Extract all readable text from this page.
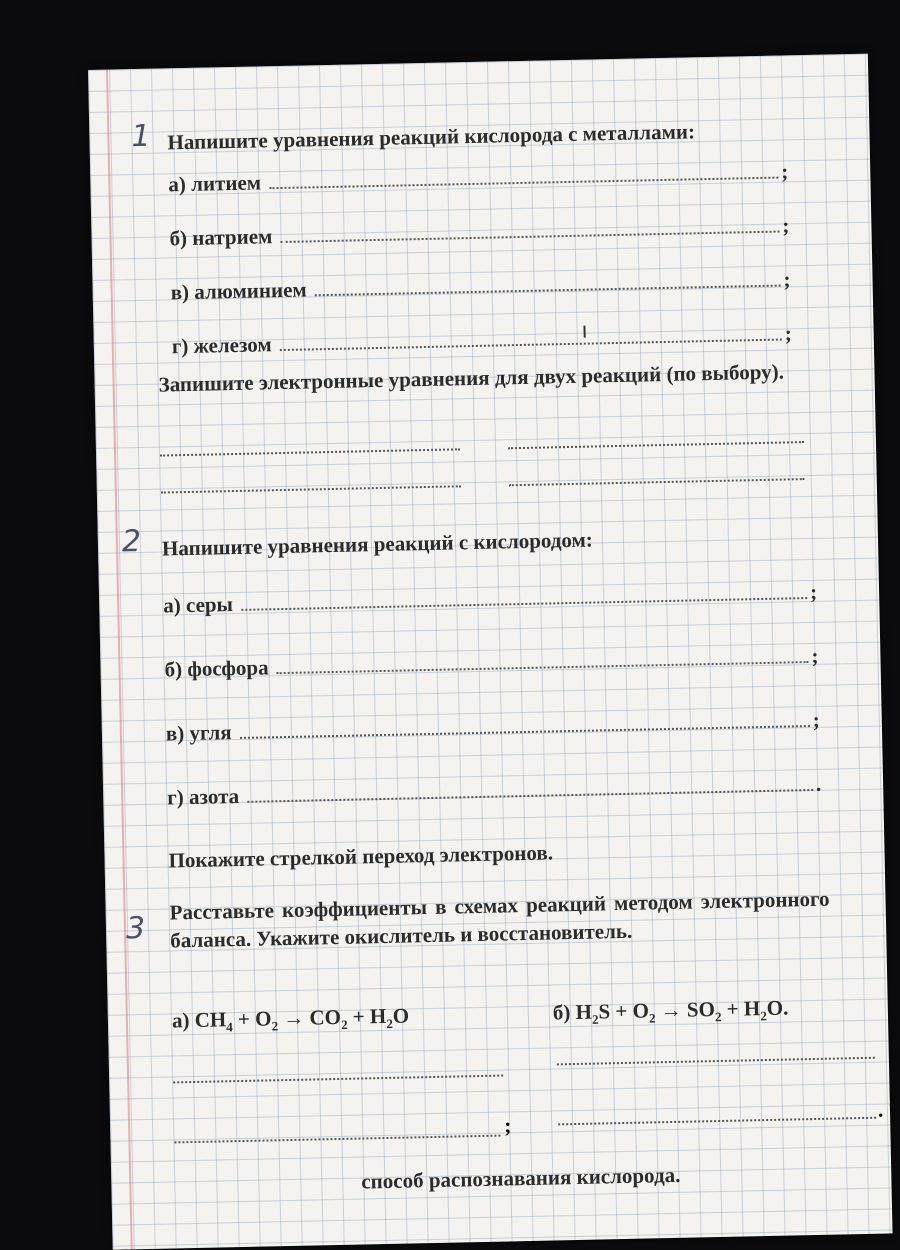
1 Напишите уравнения реакций кислорода с металлами:
а) литием	;
б) натрием	;
в) алюминием	;
г) железом	;
Запишите электронные уравнения для двух реакций (по выбору).
2 Напишите уравнения реакций с кислородом:
а) серы
;
б) фосфора	;
в) угля
;
г) азота
.
Покажите стрелкой переход электронов.
3
Расставьте коэффициенты в схемах реакций методом электронного баланса. Укажите окислитель и восстановитель.
а) $CH_4 + O_2 \to CO_2 + H_2O$	б) $H_2S + O_2 \to SO_2 + H_2O$.
;
.
способ распознавания кислорода.
